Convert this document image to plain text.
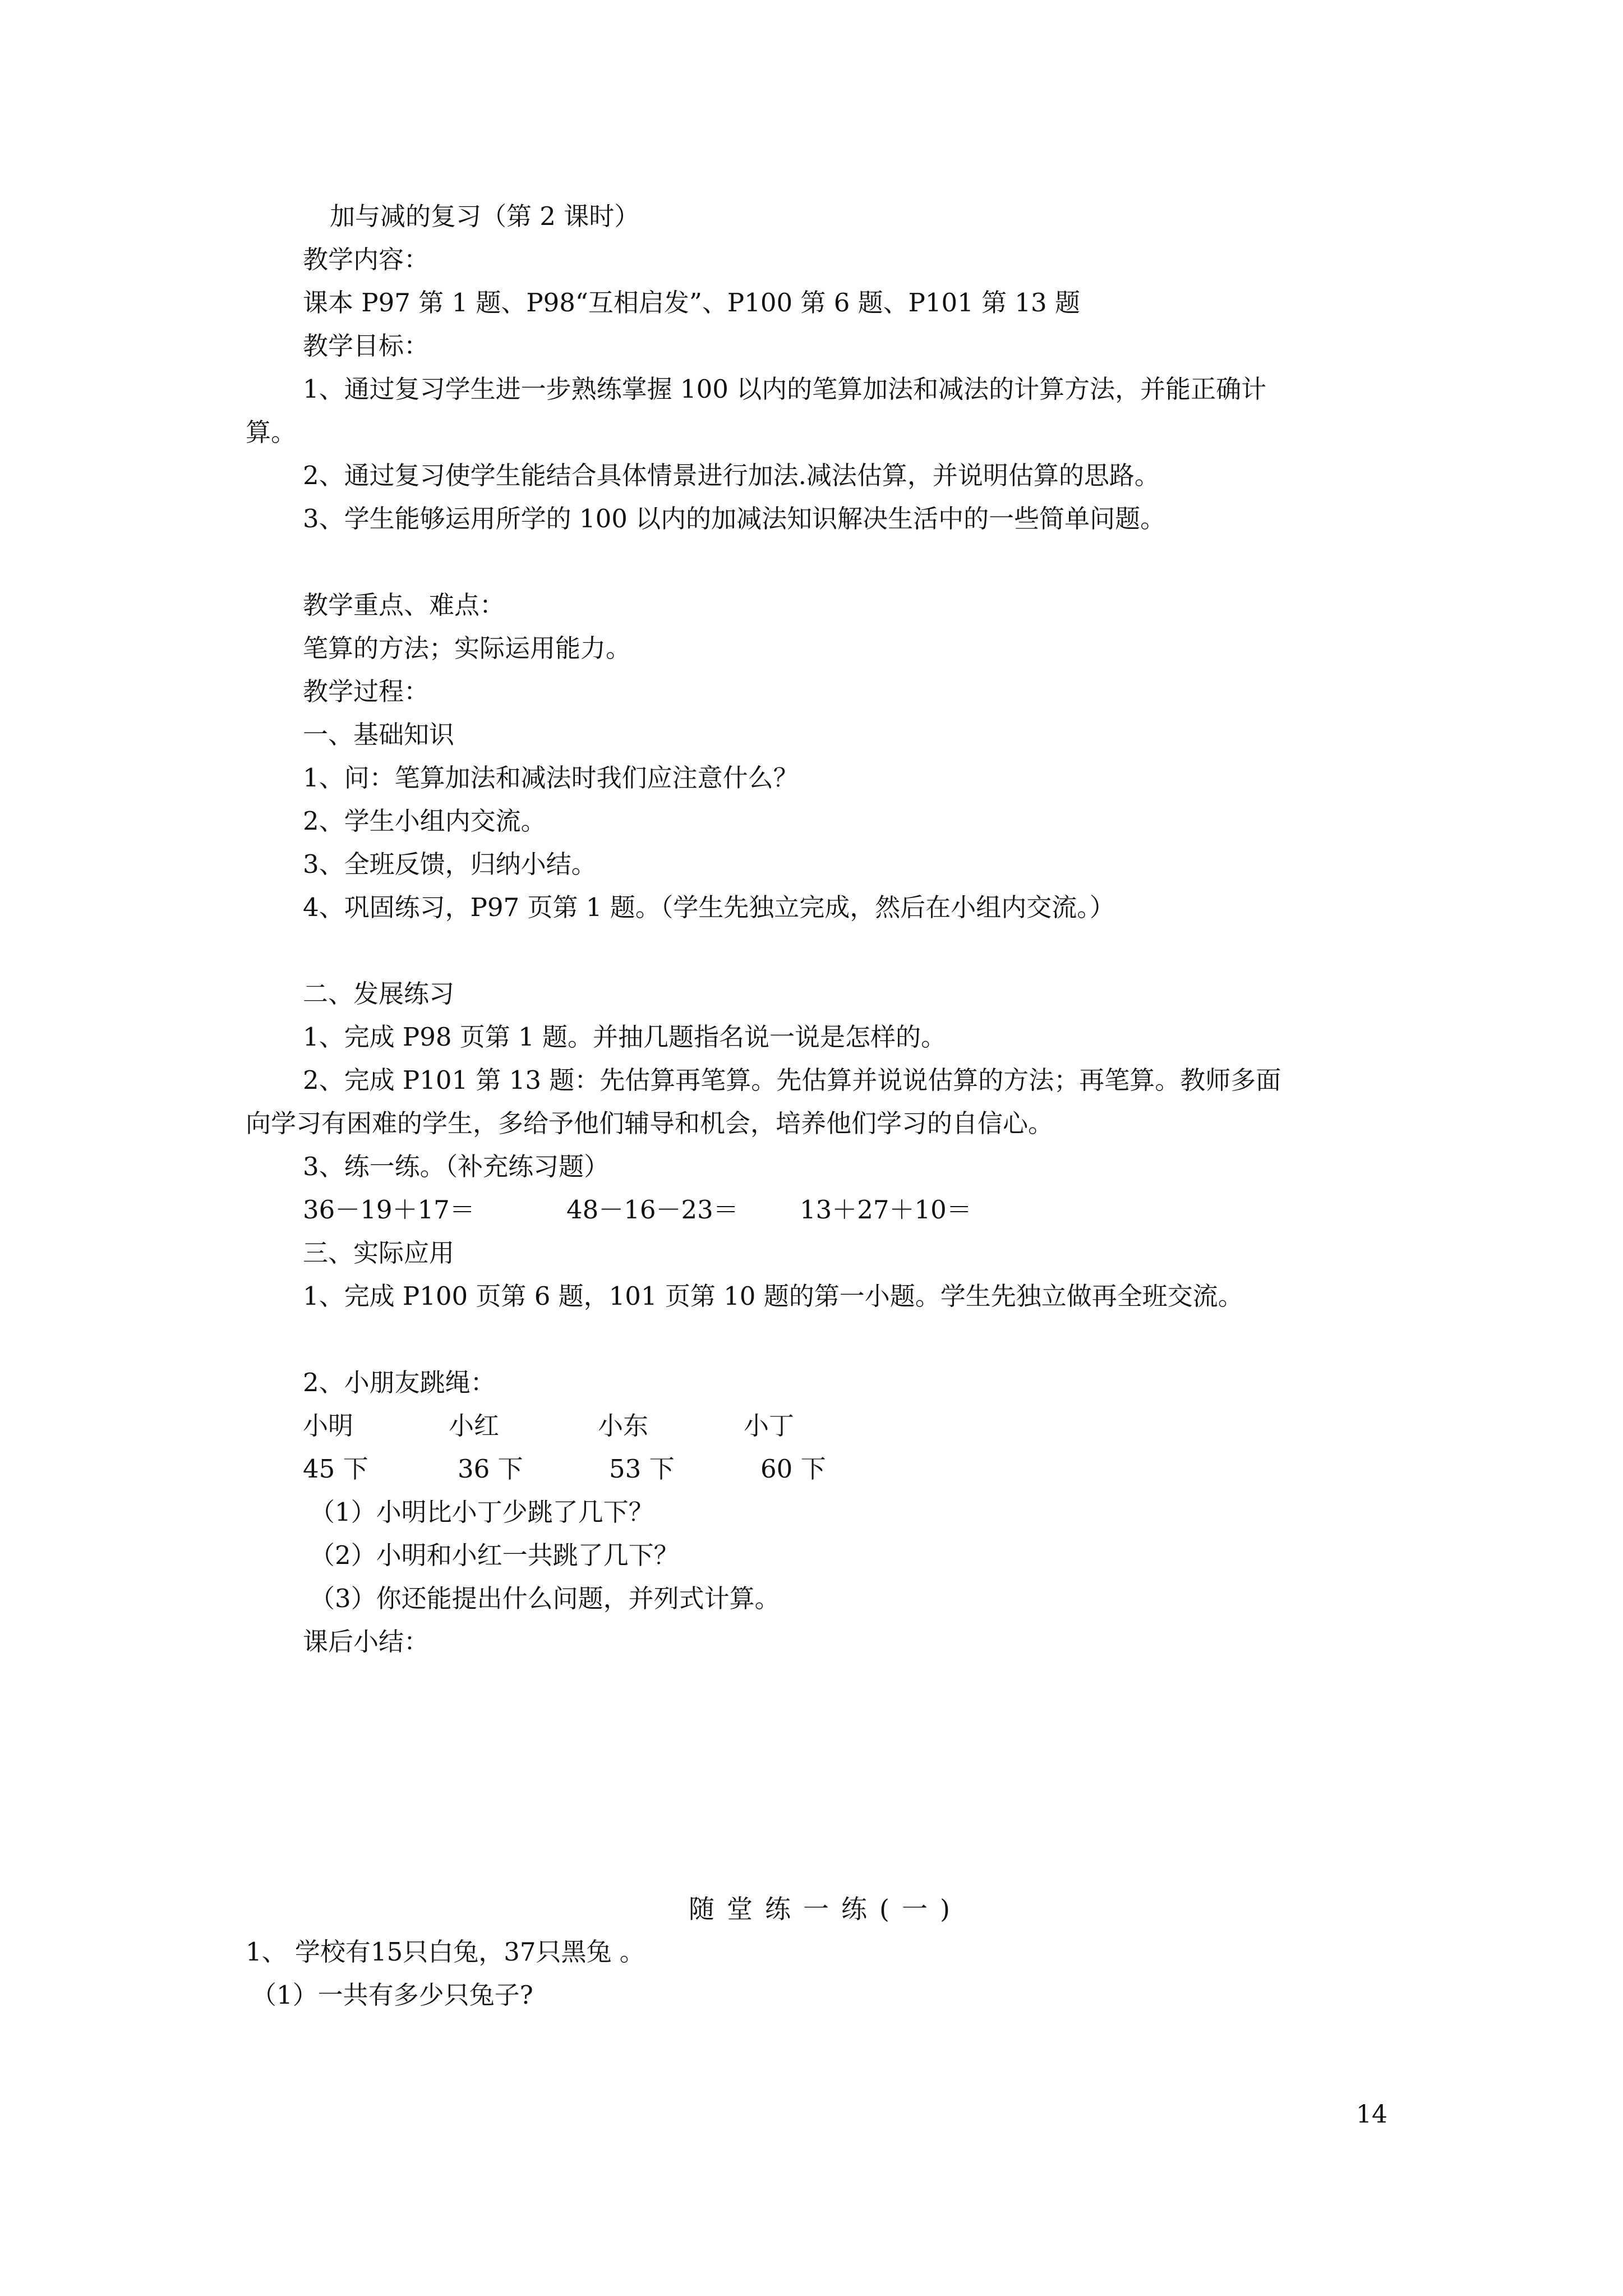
加与减的复习（第 2 课时）
教学内容：
课本 P97 第 1 题、P98“互相启发”、P100 第 6 题、P101 第 13 题
教学目标：
1、通过复习学生进一步熟练掌握 100 以内的笔算加法和减法的计算方法，并能正确计
算。
2、通过复习使学生能结合具体情景进行加法.减法估算，并说明估算的思路。
3、学生能够运用所学的 100 以内的加减法知识解决生活中的一些简单问题。
教学重点、难点：
笔算的方法；实际运用能力。
教学过程：
一、基础知识
1、问：笔算加法和减法时我们应注意什么？
2、学生小组内交流。
3、全班反馈，归纳小结。
4、巩固练习，P97 页第 1 题。（学生先独立完成，然后在小组内交流。）
二、发展练习
1、完成 P98 页第 1 题。并抽几题指名说一说是怎样的。
2、完成 P101 第 13 题：先估算再笔算。先估算并说说估算的方法；再笔算。教师多面
向学习有困难的学生，多给予他们辅导和机会，培养他们学习的自信心。
3、练一练。（补充练习题）
36－19＋17＝	48－16－23＝ 13＋27＋10＝
三、实际应用
1、完成 P100 页第 6 题，101 页第 10 题的第一小题。学生先独立做再全班交流。
2、小朋友跳绳：
小明	小红	小东	小丁
45 下	36 下	53 下	60 下
（1）小明比小丁少跳了几下？
（2）小明和小红一共跳了几下？
（3）你还能提出什么问题，并列式计算。
课后小结：
随堂练一练(一)
1、 学校有15只白兔，37只黑兔 。
（1）一共有多少只兔子?
14
